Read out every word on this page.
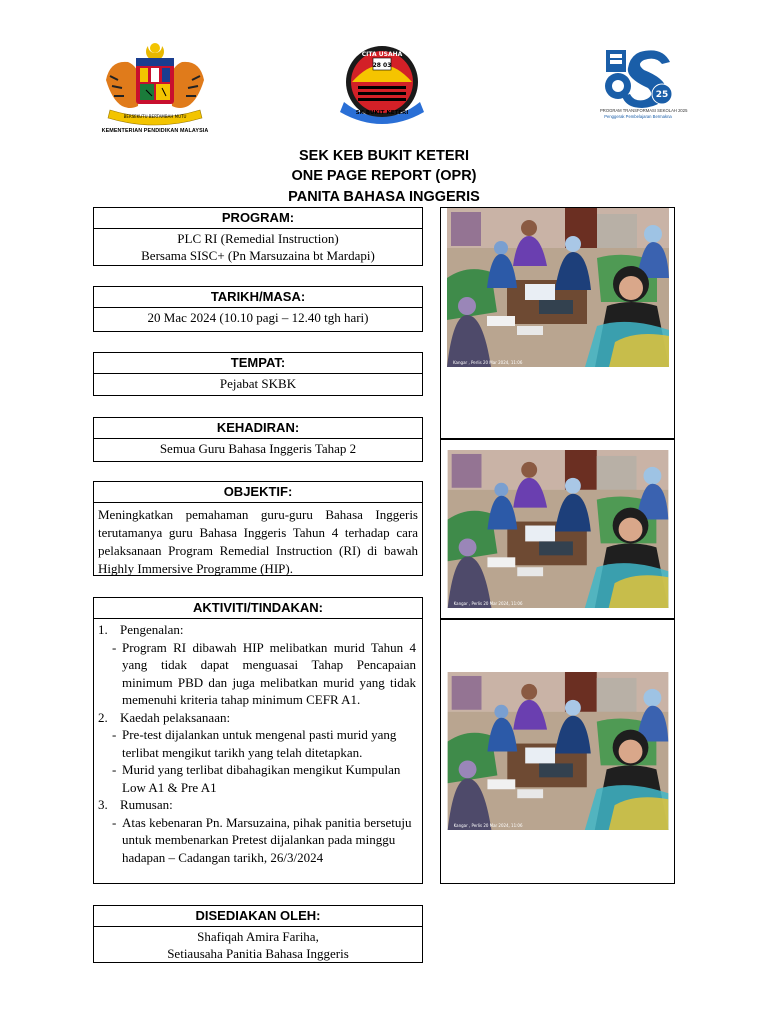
BERSEKUTU BERTAMBAH MUTU
KEMENTERIAN PENDIDIKAN MALAYSIA
28 03
CITA USAHA
SK BUKIT KETERI
25
PROGRAM TRANSFORMASI SEKOLAH 2025
Penggerak Pembelajaran Bermakna
SEK KEB BUKIT KETERI
ONE PAGE REPORT (OPR)
PANITA BAHASA INGGERIS
PROGRAM:
PLC RI (Remedial Instruction)
Bersama SISC+ (Pn Marsuzaina bt Mardapi)
TARIKH/MASA:
20 Mac 2024 (10.10 pagi – 12.40 tgh hari)
TEMPAT:
Pejabat SKBK
KEHADIRAN:
Semua Guru Bahasa Inggeris Tahap 2
OBJEKTIF:
Meningkatkan pemahaman guru-guru Bahasa Inggeris terutamanya guru Bahasa Inggeris Tahun 4 terhadap cara pelaksanaan Program Remedial Instruction (RI) di bawah Highly Immersive Programme (HIP).
AKTIVITI/TINDAKAN:
1. Pengenalan:
- Program RI dibawah HIP melibatkan murid Tahun 4 yang tidak dapat menguasai Tahap Pencapaian minimum PBD dan juga melibatkan murid yang tidak memenuhi kriteria tahap minimum CEFR A1.
2. Kaedah pelaksanaan:
- Pre-test dijalankan untuk mengenal pasti murid yang terlibat mengikut tarikh yang telah ditetapkan.
- Murid yang terlibat dibahagikan mengikut Kumpulan Low A1 & Pre A1
3. Rumusan:
- Atas kebenaran Pn. Marsuzaina, pihak panitia bersetuju untuk membenarkan Pretest dijalankan pada minggu hadapan – Cadangan tarikh, 26/3/2024
DISEDIAKAN OLEH:
Shafiqah Amira Fariha,
Setiausaha Panitia Bahasa Inggeris
Kangar , Perlis 20 Mar 2024, 11:06
Kangar , Perlis 20 Mar 2024, 11:06
Kangar , Perlis 20 Mar 2024, 11:06
